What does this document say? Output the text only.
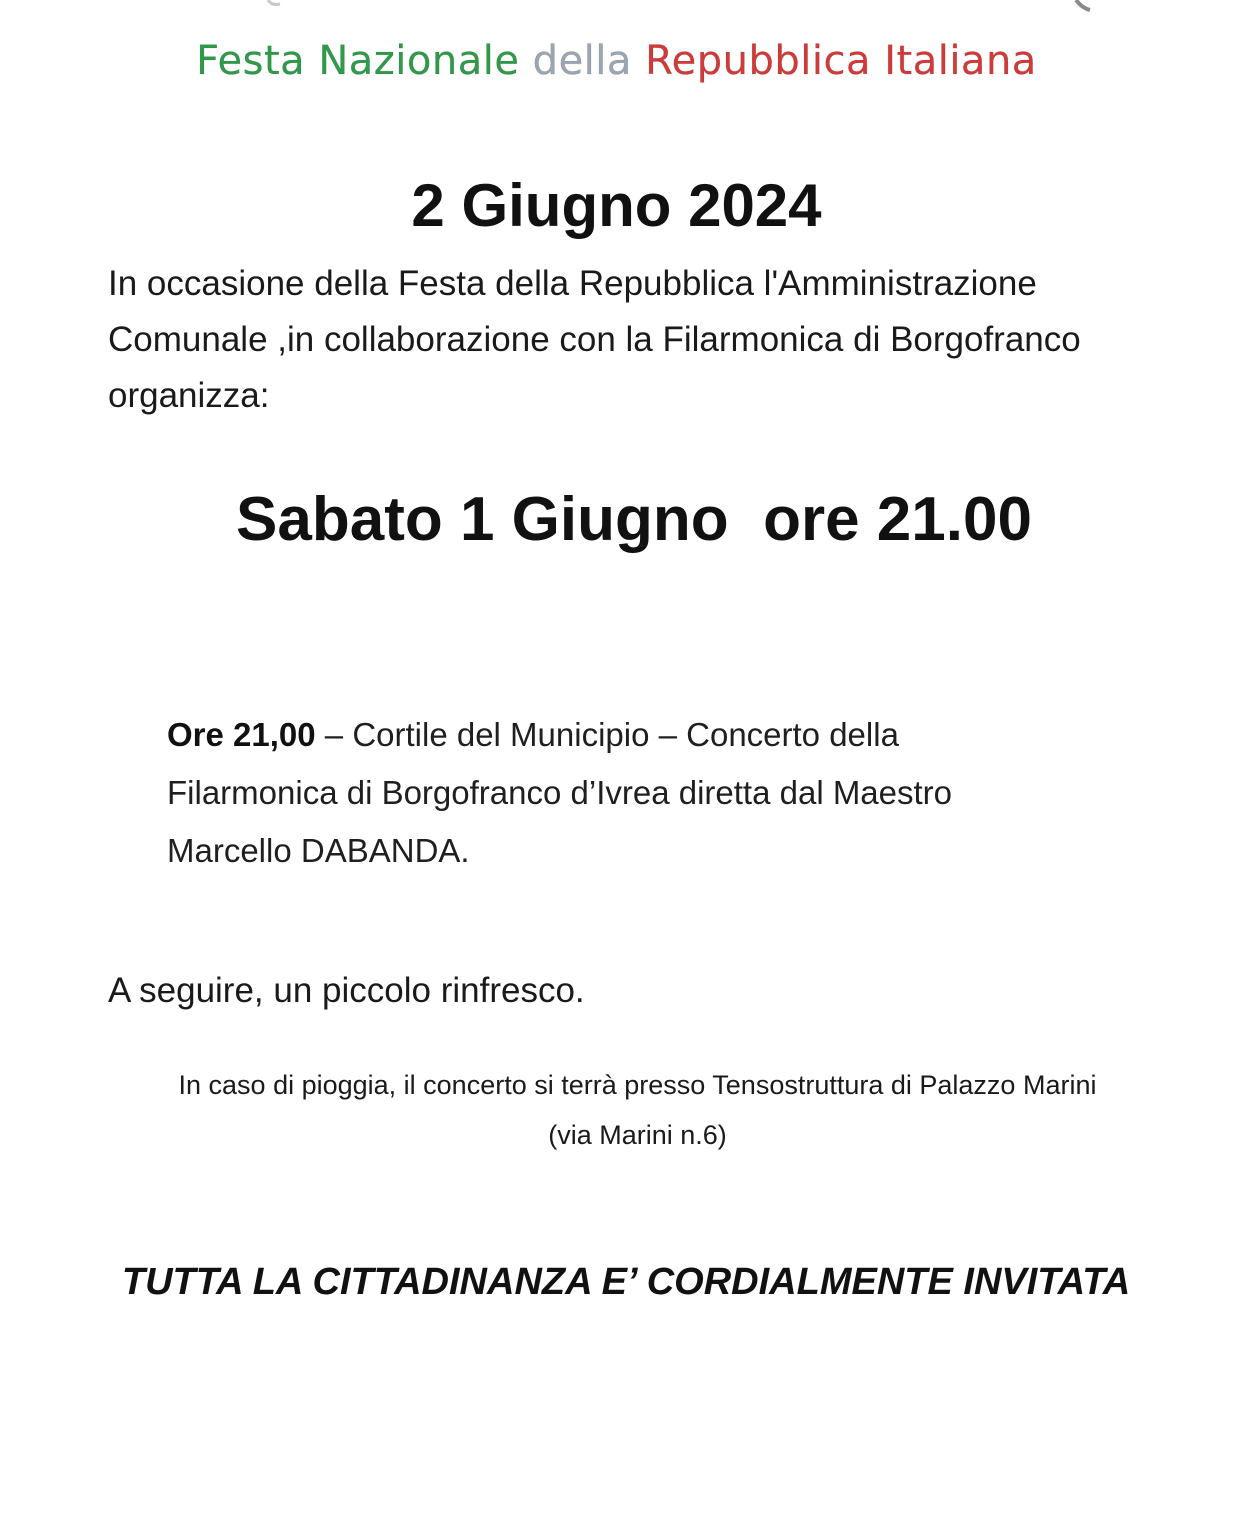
Festa Nazionale della Repubblica Italiana
2 Giugno 2024
In occasione della Festa della Repubblica l'Amministrazione
Comunale ,in collaborazione con la Filarmonica di Borgofranco
organizza:
Sabato 1 Giugno  ore 21.00
Ore 21,00 – Cortile del Municipio – Concerto della
Filarmonica di Borgofranco d’Ivrea diretta dal Maestro
Marcello DABANDA.
A seguire, un piccolo rinfresco.
In caso di pioggia, il concerto si terrà presso Tensostruttura di Palazzo Marini
(via Marini n.6)
TUTTA LA CITTADINANZA E’ CORDIALMENTE INVITATA
